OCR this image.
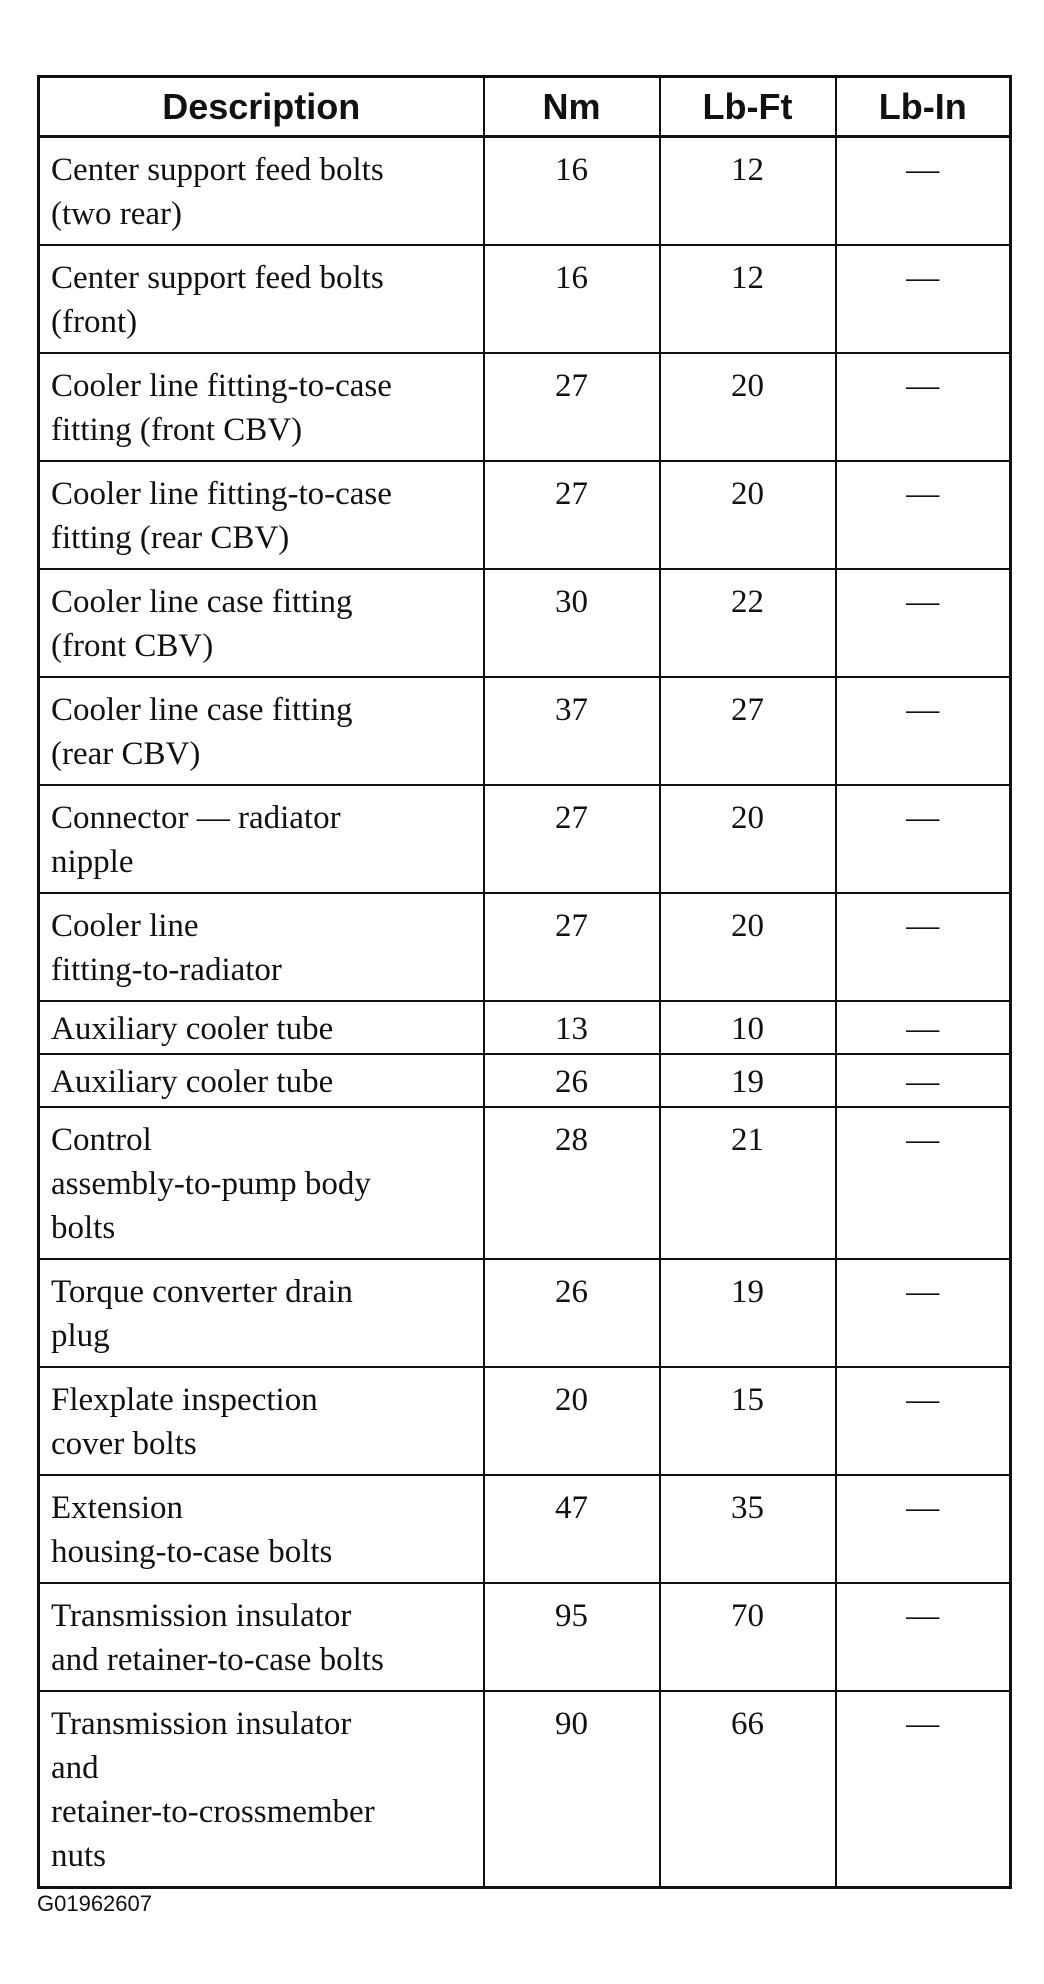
Description	Nm	Lb-Ft	Lb-In

Center support feed bolts
(two rear)	16	12	—

Center support feed bolts
(front)	16	12	—

Cooler line fitting-to-case
fitting (front CBV)	27	20	—

Cooler line fitting-to-case
fitting (rear CBV)	27	20	—

Cooler line case fitting
(front CBV)	30	22	—

Cooler line case fitting
(rear CBV)	37	27	—

Connector — radiator
nipple	27	20	—

Cooler line
fitting-to-radiator	27	20	—

Auxiliary cooler tube	13	10	—

Auxiliary cooler tube	26	19	—

Control
assembly-to-pump body
bolts	28	21	—

Torque converter drain
plug	26	19	—

Flexplate inspection
cover bolts	20	15	—

Extension
housing-to-case bolts	47	35	—

Transmission insulator
and retainer-to-case bolts	95	70	—

Transmission insulator
and
retainer-to-crossmember
nuts	90	66	—
G01962607
